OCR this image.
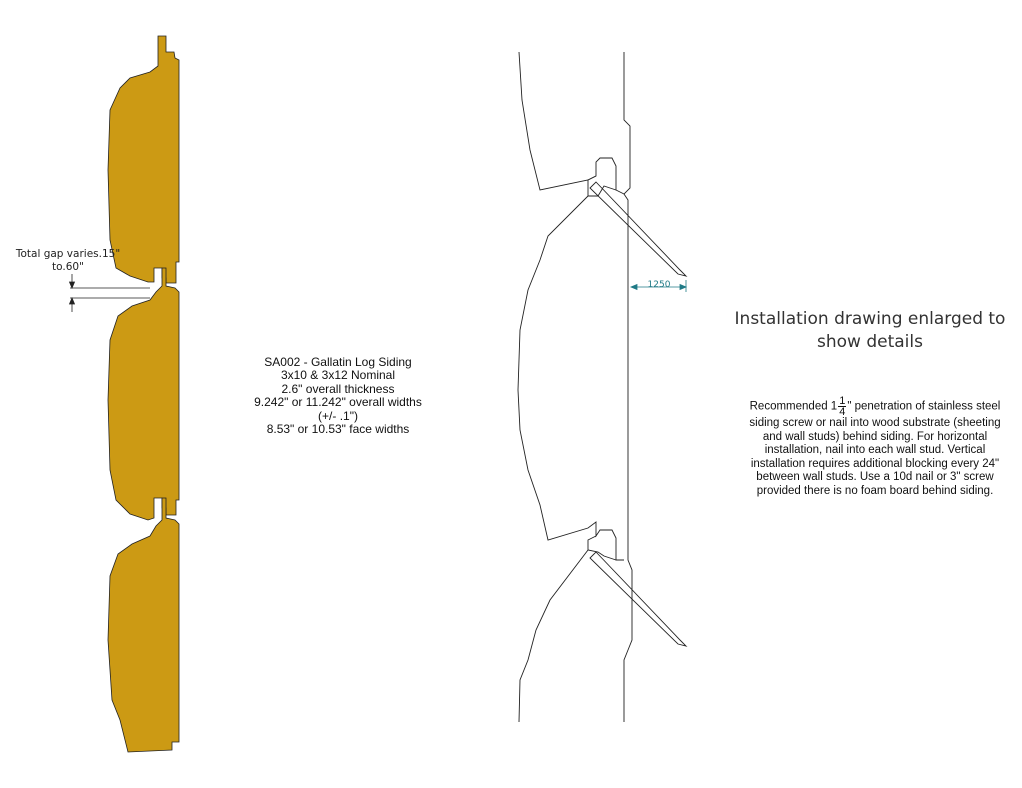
Total gap varies.15" to.60"
1250
SA002 - Gallatin Log Siding
3x10 & 3x12 Nominal
2.6" overall thickness
9.242" or 11.242" overall widths
(+/- .1")
8.53" or 10.53" face widths
Installation drawing enlarged to show details
Recommended $1 \frac{1}{4}$ " penetration of stainless steel siding screw or nail into wood substrate (sheeting and wall studs) behind siding. For horizontal installation, nail into each wall stud. Vertical installation requires additional blocking every 24" between wall studs. Use a 10d nail or 3" screw provided there is no foam board behind siding.
